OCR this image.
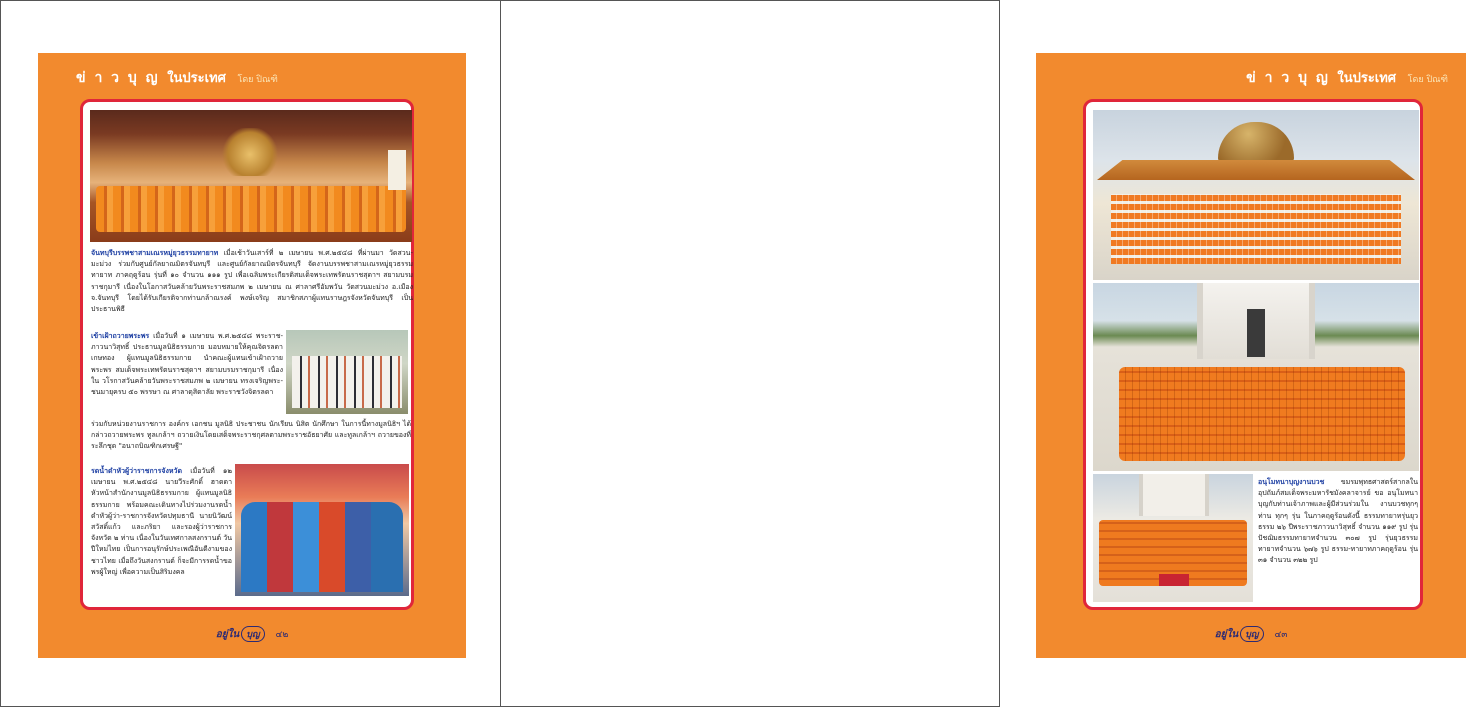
ข่ า ว บุ ญ ในประเทศ โดย ปิณฑิ
จันทบุรีบรรพชาสามเณรหมู่ยุวธรรมทายาท เมื่อเช้าวันเสาร์ที่ ๒ เมษายน พ.ศ.๒๕๔๘ ที่ผ่านมา วัดสวน-มะม่วง ร่วมกับศูนย์กัลยาณมิตรจันทบุรี และศูนย์กัลยาณมิตรจันทบุรี จัดงานบรรพชาสามเณรหมู่ยุวธรรมทายาท ภาคฤดูร้อน รุ่นที่ ๑๐ จำนวน ๑๑๑ รูป เพื่อเฉลิมพระเกียรติสมเด็จพระเทพรัตนราชสุดาฯ สยามบรมราชกุมารี เนื่องในโอกาสวันคล้ายวันพระราชสมภพ ๒ เมษายน ณ ศาลาศรีอัมพวัน วัดสวนมะม่วง อ.เมือง จ.จันทบุรี โดยได้รับเกียรติจากท่านกล้าณรงค์ พงษ์เจริญ สมาชิกสภาผู้แทนราษฎรจังหวัดจันทบุรี เป็นประธานพิธี
เข้าเฝ้าถวายพระพร เมื่อวันที่ ๑ เมษายน พ.ศ.๒๕๔๘ พระราช-ภาวนาวิสุทธิ์ ประธานมูลนิธิธรรมกาย มอบหมายให้คุณจิตรลดา เกษทอง ผู้แทนมูลนิธิธรรมกาย นำคณะผู้แทนเข้าเฝ้าถวายพระพร สมเด็จพระเทพรัตนราชสุดาฯ สยามบรมราชกุมารี เนื่องใน วโรกาสวันคล้ายวันพระราชสมภพ ๒ เมษายน ทรงเจริญพระ-ชนมายุครบ ๕๐ พรรษา ณ ศาลาดุสิดาลัย พระราชวังจิตรลดา
ร่วมกับหน่วยงานราชการ องค์กร เอกชน มูลนิธิ ประชาชน นักเรียน นิสิต นักศึกษา ในการนี้ทางมูลนิธิฯ ได้กล่าวถวายพระพร ทูลเกล้าฯ ถวายเงินโดยเสด็จพระราชกุศลตามพระราชอัธยาศัย และทูลเกล้าฯ ถวายของที่ระลึกชุด "อนาถบิณฑิกเศรษฐี"
รดน้ำดำหัวผู้ว่าราชการจังหวัด เมื่อวันที่ ๑๒ เมษายน พ.ศ.๒๕๔๘ นายวีระศักดิ์ ฮาดดา หัวหน้าสำนักงานมูลนิธิธรรมกาย ผู้แทนมูลนิธิธรรมกาย พร้อมคณะเดินทางไปร่วมงานรดน้ำดำหัวผู้ว่า-ราชการจังหวัดปทุมธานี นายนิวัฒน์ สวัสดิ์แก้ว และภริยา และรองผู้ว่าราชการจังหวัด ๒ ท่าน เนื่องในวันเทศกาลสงกรานต์ วันปีใหม่ไทย เป็นการอนุรักษ์ประเพณีอันดีงามของชาวไทย เมื่อถึงวันสงกรานต์ ก็จะมีการรดน้ำขอพรผู้ใหญ่ เพื่อความเป็นสิริมงคล
อยู่ใน บุญ ๔๒
ข่ า ว บุ ญ ในประเทศ โดย ปิณฑิ
อนุโมทนาบุญงานบวช ขมรมพุทธศาสตร์สากลใน อุปถัมภ์สมเด็จพระมหารัชมังคลาจารย์ ขอ อนุโมทนาบุญกับท่านเจ้าภาพและผู้มีส่วนร่วมใน งานบวชทุกๆ ท่าน ทุกๆ รุ่น ในภาคฤดูร้อนดังนี้ ธรรมทายาทรุ่นยุวธรรม ๒๖ ปีพระราชภาวนาวิสุทธิ์ จำนวน ๑๑๙ รูป รุ่นปัชฌิมธรรมทายาทจำนวน ๓๐๗ รูป รุ่นยุวธรรมทายาทจำนวน ๖๗๖ รูป ธรรม-ทายาทภาคฤดูร้อน รุ่น ๓๑ จำนวน ๓๒๒ รูป
อยู่ใน บุญ ๔๓
